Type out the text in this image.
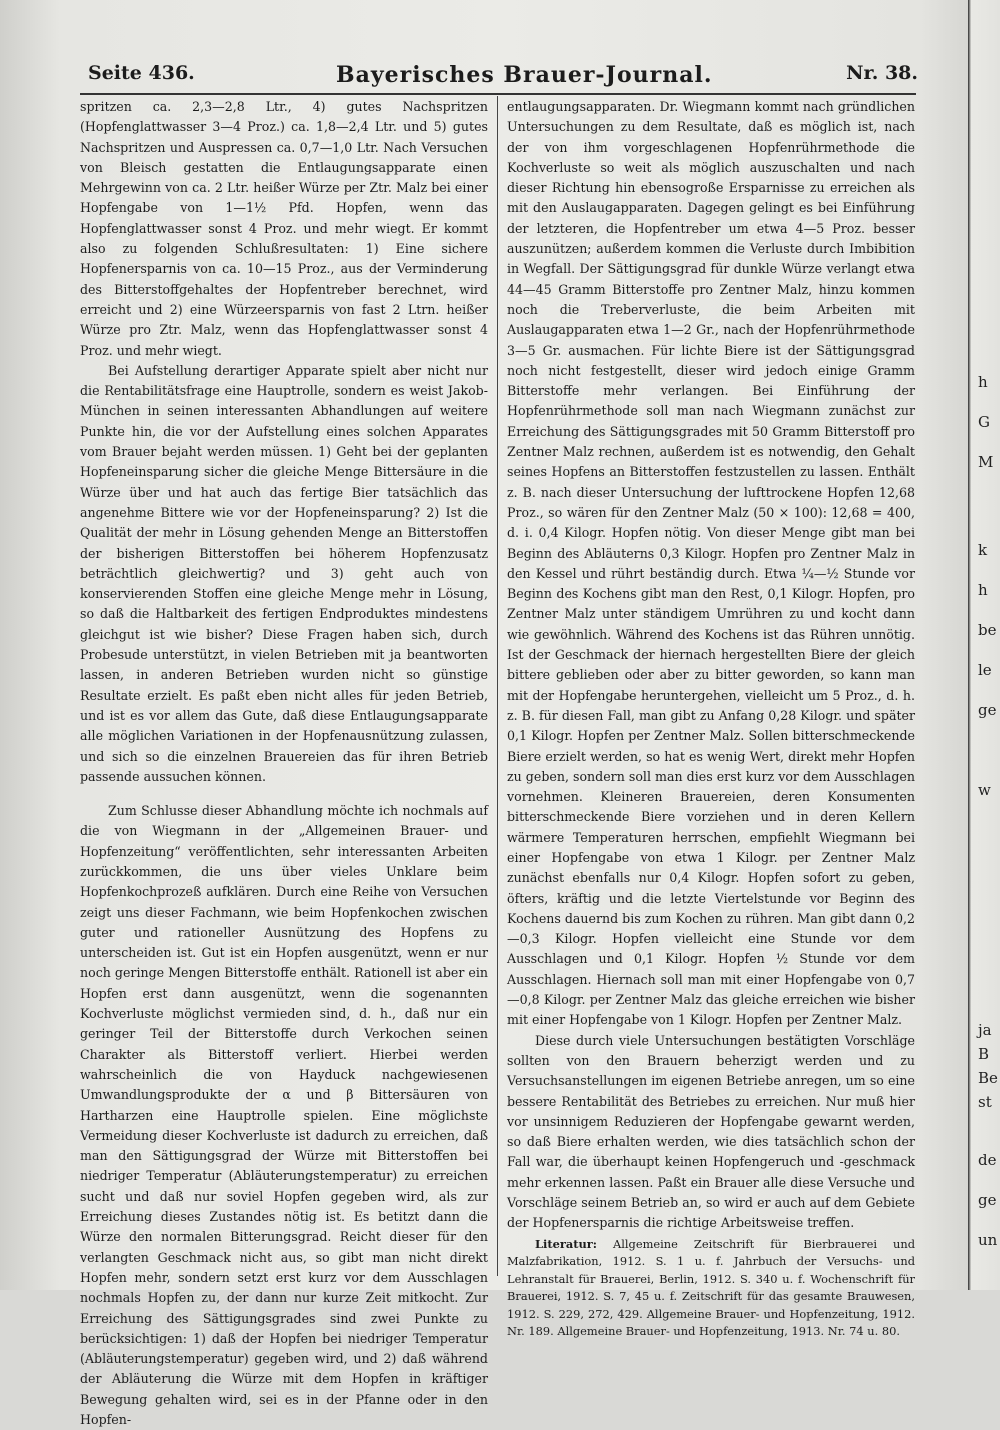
Seite 436.	Bayerisches Brauer-Journal.	Nr. 38.

spritzen ca. 2,3—2,8 Ltr., 4) gutes Nachspritzen (Hopfenglattwasser 3—4 Proz.) ca. 1,8—2,4 Ltr. und 5) gutes Nachspritzen und Auspressen ca. 0,7—1,0 Ltr. Nach Versuchen von Bleisch gestatten die Entlaugungsapparate einen Mehrgewinn von ca. 2 Ltr. heißer Würze per Ztr. Malz bei einer Hopfengabe von 1—1½ Pfd. Hopfen, wenn das Hopfenglattwasser sonst 4 Proz. und mehr wiegt. Er kommt also zu folgenden Schlußresultaten: 1) Eine sichere Hopfenersparnis von ca. 10—15 Proz., aus der Verminderung des Bitterstoffgehaltes der Hopfentreber berechnet, wird erreicht und 2) eine Würzeersparnis von fast 2 Ltrn. heißer Würze pro Ztr. Malz, wenn das Hopfenglattwasser sonst 4 Proz. und mehr wiegt.

Bei Aufstellung derartiger Apparate spielt aber nicht nur die Rentabilitätsfrage eine Hauptrolle, sondern es weist Jakob-München in seinen interessanten Abhandlungen auf weitere Punkte hin, die vor der Aufstellung eines solchen Apparates vom Brauer bejaht werden müssen. 1) Geht bei der geplanten Hopfeneinsparung sicher die gleiche Menge Bittersäure in die Würze über und hat auch das fertige Bier tatsächlich das angenehme Bittere wie vor der Hopfeneinsparung? 2) Ist die Qualität der mehr in Lösung gehenden Menge an Bitterstoffen der bisherigen Bitterstoffen bei höherem Hopfenzusatz beträchtlich gleichwertig? und 3) geht auch von konservierenden Stoffen eine gleiche Menge mehr in Lösung, so daß die Haltbarkeit des fertigen Endproduktes mindestens gleichgut ist wie bisher? Diese Fragen haben sich, durch Probesude unterstützt, in vielen Betrieben mit ja beantworten lassen, in anderen Betrieben wurden nicht so günstige Resultate erzielt. Es paßt eben nicht alles für jeden Betrieb, und ist es vor allem das Gute, daß diese Entlaugungsapparate alle möglichen Variationen in der Hopfenausnützung zulassen, und sich so die einzelnen Brauereien das für ihren Betrieb passende aussuchen können.

Zum Schlusse dieser Abhandlung möchte ich nochmals auf die von Wiegmann in der „Allgemeinen Brauer- und Hopfenzeitung“ veröffentlichten, sehr interessanten Arbeiten zurückkommen, die uns über vieles Unklare beim Hopfenkochprozeß aufklären. Durch eine Reihe von Versuchen zeigt uns dieser Fachmann, wie beim Hopfenkochen zwischen guter und rationeller Ausnützung des Hopfens zu unterscheiden ist. Gut ist ein Hopfen ausgenützt, wenn er nur noch geringe Mengen Bitterstoffe enthält. Rationell ist aber ein Hopfen erst dann ausgenützt, wenn die sogenannten Kochverluste möglichst vermieden sind, d. h., daß nur ein geringer Teil der Bitterstoffe durch Verkochen seinen Charakter als Bitterstoff verliert. Hierbei werden wahrscheinlich die von Hayduck nachgewiesenen Umwandlungsprodukte der α und β Bittersäuren von Hartharzen eine Hauptrolle spielen. Eine möglichste Vermeidung dieser Kochverluste ist dadurch zu erreichen, daß man den Sättigungsgrad der Würze mit Bitterstoffen bei niedriger Temperatur (Abläuterungstemperatur) zu erreichen sucht und daß nur soviel Hopfen gegeben wird, als zur Erreichung dieses Zustandes nötig ist. Es betitzt dann die Würze den normalen Bitterungsgrad. Reicht dieser für den verlangten Geschmack nicht aus, so gibt man nicht direkt Hopfen mehr, sondern setzt erst kurz vor dem Ausschlagen nochmals Hopfen zu, der dann nur kurze Zeit mitkocht. Zur Erreichung des Sättigungsgrades sind zwei Punkte zu berücksichtigen: 1) daß der Hopfen bei niedriger Temperatur (Abläuterungstemperatur) gegeben wird, und 2) daß während der Abläuterung die Würze mit dem Hopfen in kräftiger Bewegung gehalten wird, sei es in der Pfanne oder in den Hopfen-

entlaugungsapparaten. Dr. Wiegmann kommt nach gründlichen Untersuchungen zu dem Resultate, daß es möglich ist, nach der von ihm vorgeschlagenen Hopfenrührmethode die Kochverluste so weit als möglich auszuschalten und nach dieser Richtung hin ebensogroße Ersparnisse zu erreichen als mit den Auslaugapparaten. Dagegen gelingt es bei Einführung der letzteren, die Hopfentreber um etwa 4—5 Proz. besser auszunützen; außerdem kommen die Verluste durch Imbibition in Wegfall. Der Sättigungsgrad für dunkle Würze verlangt etwa 44—45 Gramm Bitterstoffe pro Zentner Malz, hinzu kommen noch die Treberverluste, die beim Arbeiten mit Auslaugapparaten etwa 1—2 Gr., nach der Hopfenrührmethode 3—5 Gr. ausmachen. Für lichte Biere ist der Sättigungsgrad noch nicht festgestellt, dieser wird jedoch einige Gramm Bitterstoffe mehr verlangen. Bei Einführung der Hopfenrührmethode soll man nach Wiegmann zunächst zur Erreichung des Sättigungsgrades mit 50 Gramm Bitterstoff pro Zentner Malz rechnen, außerdem ist es notwendig, den Gehalt seines Hopfens an Bitterstoffen festzustellen zu lassen. Enthält z. B. nach dieser Untersuchung der lufttrockene Hopfen 12,68 Proz., so wären für den Zentner Malz (50 × 100): 12,68 = 400, d. i. 0,4 Kilogr. Hopfen nötig. Von dieser Menge gibt man bei Beginn des Abläuterns 0,3 Kilogr. Hopfen pro Zentner Malz in den Kessel und rührt beständig durch. Etwa ¼—½ Stunde vor Beginn des Kochens gibt man den Rest, 0,1 Kilogr. Hopfen, pro Zentner Malz unter ständigem Umrühren zu und kocht dann wie gewöhnlich. Während des Kochens ist das Rühren unnötig. Ist der Geschmack der hiernach hergestellten Biere der gleich bittere geblieben oder aber zu bitter geworden, so kann man mit der Hopfengabe heruntergehen, vielleicht um 5 Proz., d. h. z. B. für diesen Fall, man gibt zu Anfang 0,28 Kilogr. und später 0,1 Kilogr. Hopfen per Zentner Malz. Sollen bitterschmeckende Biere erzielt werden, so hat es wenig Wert, direkt mehr Hopfen zu geben, sondern soll man dies erst kurz vor dem Ausschlagen vornehmen. Kleineren Brauereien, deren Konsumenten bitterschmeckende Biere vorziehen und in deren Kellern wärmere Temperaturen herrschen, empfiehlt Wiegmann bei einer Hopfengabe von etwa 1 Kilogr. per Zentner Malz zunächst ebenfalls nur 0,4 Kilogr. Hopfen sofort zu geben, öfters, kräftig und die letzte Viertelstunde vor Beginn des Kochens dauernd bis zum Kochen zu rühren. Man gibt dann 0,2—0,3 Kilogr. Hopfen vielleicht eine Stunde vor dem Ausschlagen und 0,1 Kilogr. Hopfen ½ Stunde vor dem Ausschlagen. Hiernach soll man mit einer Hopfengabe von 0,7—0,8 Kilogr. per Zentner Malz das gleiche erreichen wie bisher mit einer Hopfengabe von 1 Kilogr. Hopfen per Zentner Malz.

Diese durch viele Untersuchungen bestätigten Vorschläge sollten von den Brauern beherzigt werden und zu Versuchsanstellungen im eigenen Betriebe anregen, um so eine bessere Rentabilität des Betriebes zu erreichen. Nur muß hier vor unsinnigem Reduzieren der Hopfengabe gewarnt werden, so daß Biere erhalten werden, wie dies tatsächlich schon der Fall war, die überhaupt keinen Hopfengeruch und -geschmack mehr erkennen lassen. Paßt ein Brauer alle diese Versuche und Vorschläge seinem Betrieb an, so wird er auch auf dem Gebiete der Hopfenersparnis die richtige Arbeitsweise treffen.

Literatur: Allgemeine Zeitschrift für Bierbrauerei und Malzfabrikation, 1912. S. 1 u. f. Jahrbuch der Versuchs- und Lehranstalt für Brauerei, Berlin, 1912. S. 340 u. f. Wochenschrift für Brauerei, 1912. S. 7, 45 u. f. Zeitschrift für das gesamte Brauwesen, 1912. S. 229, 272, 429. Allgemeine Brauer- und Hopfenzeitung, 1912. Nr. 189. Allgemeine Brauer- und Hopfenzeitung, 1913. Nr. 74 u. 80.

h
G
M
k
h
be
le
ge
w
ja
B
Be
st
de
ge
un
